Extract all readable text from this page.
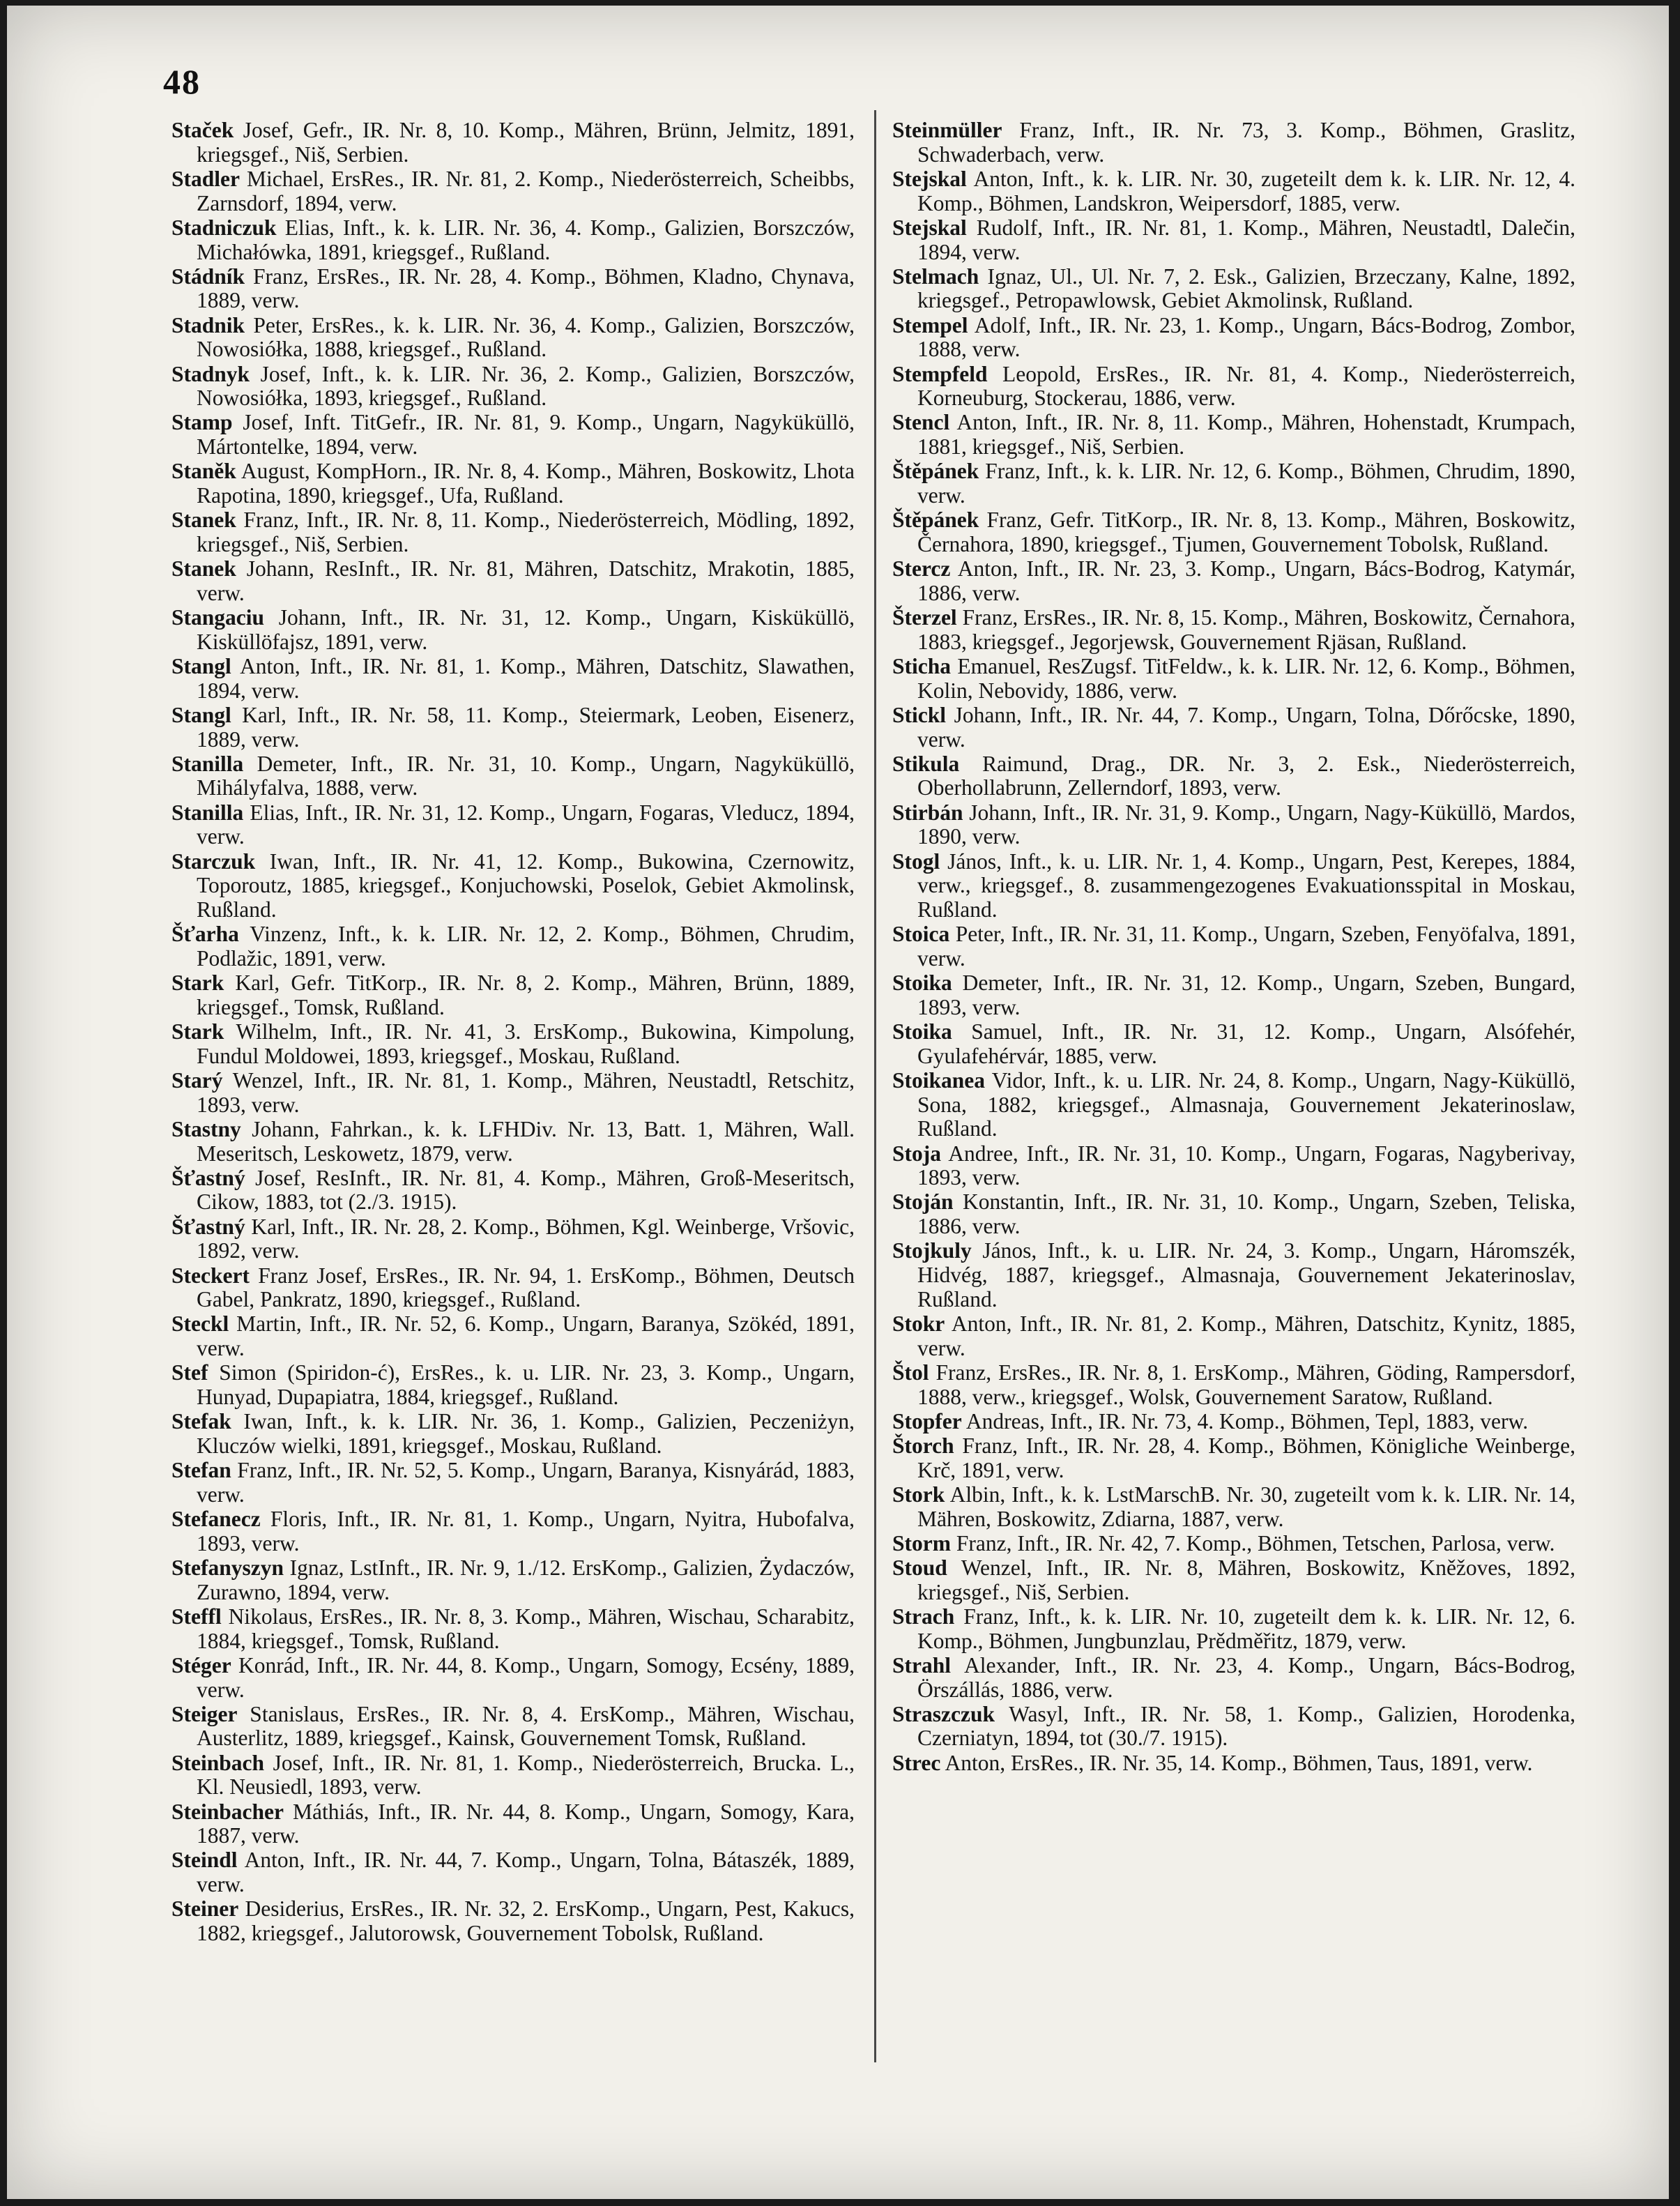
48

Staček Josef, Gefr., IR. Nr. 8, 10. Komp., Mähren, Brünn, Jelmitz, 1891, kriegsgef., Niš, Serbien.

Stadler Michael, ErsRes., IR. Nr. 81, 2. Komp., Niederösterreich, Scheibbs, Zarnsdorf, 1894, verw.

Stadniczuk Elias, Inft., k. k. LIR. Nr. 36, 4. Komp., Galizien, Borszczów, Michałówka, 1891, kriegsgef., Rußland.

Stádník Franz, ErsRes., IR. Nr. 28, 4. Komp., Böhmen, Kladno, Chynava, 1889, verw.

Stadnik Peter, ErsRes., k. k. LIR. Nr. 36, 4. Komp., Galizien, Borszczów, Nowosiółka, 1888, kriegsgef., Rußland.

Stadnyk Josef, Inft., k. k. LIR. Nr. 36, 2. Komp., Galizien, Borszczów, Nowosiółka, 1893, kriegsgef., Rußland.

Stamp Josef, Inft. TitGefr., IR. Nr. 81, 9. Komp., Ungarn, Nagyküküllö, Mártontelke, 1894, verw.

Staněk August, KompHorn., IR. Nr. 8, 4. Komp., Mähren, Boskowitz, Lhota Rapotina, 1890, kriegsgef., Ufa, Rußland.

Stanek Franz, Inft., IR. Nr. 8, 11. Komp., Niederösterreich, Mödling, 1892, kriegsgef., Niš, Serbien.

Stanek Johann, ResInft., IR. Nr. 81, Mähren, Datschitz, Mrakotin, 1885, verw.

Stangaciu Johann, Inft., IR. Nr. 31, 12. Komp., Ungarn, Kisküküllö, Kisküllöfajsz, 1891, verw.

Stangl Anton, Inft., IR. Nr. 81, 1. Komp., Mähren, Datschitz, Slawathen, 1894, verw.

Stangl Karl, Inft., IR. Nr. 58, 11. Komp., Steiermark, Leoben, Eisenerz, 1889, verw.

Stanilla Demeter, Inft., IR. Nr. 31, 10. Komp., Ungarn, Nagyküküllö, Mihályfalva, 1888, verw.

Stanilla Elias, Inft., IR. Nr. 31, 12. Komp., Ungarn, Fogaras, Vleducz, 1894, verw.

Starczuk Iwan, Inft., IR. Nr. 41, 12. Komp., Bukowina, Czernowitz, Toporoutz, 1885, kriegsgef., Konjuchowski, Poselok, Gebiet Akmolinsk, Rußland.

Šťarha Vinzenz, Inft., k. k. LIR. Nr. 12, 2. Komp., Böhmen, Chrudim, Podlažic, 1891, verw.

Stark Karl, Gefr. TitKorp., IR. Nr. 8, 2. Komp., Mähren, Brünn, 1889, kriegsgef., Tomsk, Rußland.

Stark Wilhelm, Inft., IR. Nr. 41, 3. ErsKomp., Bukowina, Kimpolung, Fundul Moldowei, 1893, kriegsgef., Moskau, Rußland.

Starý Wenzel, Inft., IR. Nr. 81, 1. Komp., Mähren, Neustadtl, Retschitz, 1893, verw.

Stastny Johann, Fahrkan., k. k. LFHDiv. Nr. 13, Batt. 1, Mähren, Wall. Meseritsch, Leskowetz, 1879, verw.

Šťastný Josef, ResInft., IR. Nr. 81, 4. Komp., Mähren, Groß-Meseritsch, Cikow, 1883, tot (2./3. 1915).

Šťastný Karl, Inft., IR. Nr. 28, 2. Komp., Böhmen, Kgl. Weinberge, Vršovic, 1892, verw.

Steckert Franz Josef, ErsRes., IR. Nr. 94, 1. ErsKomp., Böhmen, Deutsch Gabel, Pankratz, 1890, kriegsgef., Rußland.

Steckl Martin, Inft., IR. Nr. 52, 6. Komp., Ungarn, Baranya, Szökéd, 1891, verw.

Stef Simon (Spiridon-ć), ErsRes., k. u. LIR. Nr. 23, 3. Komp., Ungarn, Hunyad, Dupapiatra, 1884, kriegsgef., Rußland.

Stefak Iwan, Inft., k. k. LIR. Nr. 36, 1. Komp., Galizien, Peczeniżyn, Kluczów wielki, 1891, kriegsgef., Moskau, Rußland.

Stefan Franz, Inft., IR. Nr. 52, 5. Komp., Ungarn, Baranya, Kisnyárád, 1883, verw.

Stefanecz Floris, Inft., IR. Nr. 81, 1. Komp., Ungarn, Nyitra, Hubofalva, 1893, verw.

Stefanyszyn Ignaz, LstInft., IR. Nr. 9, 1./12. ErsKomp., Galizien, Żydaczów, Zurawno, 1894, verw.

Steffl Nikolaus, ErsRes., IR. Nr. 8, 3. Komp., Mähren, Wischau, Scharabitz, 1884, kriegsgef., Tomsk, Rußland.

Stéger Konrád, Inft., IR. Nr. 44, 8. Komp., Ungarn, Somogy, Ecsény, 1889, verw.

Steiger Stanislaus, ErsRes., IR. Nr. 8, 4. ErsKomp., Mähren, Wischau, Austerlitz, 1889, kriegsgef., Kainsk, Gouvernement Tomsk, Rußland.

Steinbach Josef, Inft., IR. Nr. 81, 1. Komp., Niederösterreich, Brucka. L., Kl. Neusiedl, 1893, verw.

Steinbacher Máthiás, Inft., IR. Nr. 44, 8. Komp., Ungarn, Somogy, Kara, 1887, verw.

Steindl Anton, Inft., IR. Nr. 44, 7. Komp., Ungarn, Tolna, Bátaszék, 1889, verw.

Steiner Desiderius, ErsRes., IR. Nr. 32, 2. ErsKomp., Ungarn, Pest, Kakucs, 1882, kriegsgef., Jalutorowsk, Gouvernement Tobolsk, Rußland.

Steinmüller Franz, Inft., IR. Nr. 73, 3. Komp., Böhmen, Graslitz, Schwaderbach, verw.

Stejskal Anton, Inft., k. k. LIR. Nr. 30, zugeteilt dem k. k. LIR. Nr. 12, 4. Komp., Böhmen, Landskron, Weipersdorf, 1885, verw.

Stejskal Rudolf, Inft., IR. Nr. 81, 1. Komp., Mähren, Neustadtl, Dalečin, 1894, verw.

Stelmach Ignaz, Ul., Ul. Nr. 7, 2. Esk., Galizien, Brzeczany, Kalne, 1892, kriegsgef., Petropawlowsk, Gebiet Akmolinsk, Rußland.

Stempel Adolf, Inft., IR. Nr. 23, 1. Komp., Ungarn, Bács-Bodrog, Zombor, 1888, verw.

Stempfeld Leopold, ErsRes., IR. Nr. 81, 4. Komp., Niederösterreich, Korneuburg, Stockerau, 1886, verw.

Stencl Anton, Inft., IR. Nr. 8, 11. Komp., Mähren, Hohenstadt, Krumpach, 1881, kriegsgef., Niš, Serbien.

Štěpánek Franz, Inft., k. k. LIR. Nr. 12, 6. Komp., Böhmen, Chrudim, 1890, verw.

Štěpánek Franz, Gefr. TitKorp., IR. Nr. 8, 13. Komp., Mähren, Boskowitz, Černahora, 1890, kriegsgef., Tjumen, Gouvernement Tobolsk, Rußland.

Stercz Anton, Inft., IR. Nr. 23, 3. Komp., Ungarn, Bács-Bodrog, Katymár, 1886, verw.

Šterzel Franz, ErsRes., IR. Nr. 8, 15. Komp., Mähren, Boskowitz, Černahora, 1883, kriegsgef., Jegorjewsk, Gouvernement Rjäsan, Rußland.

Sticha Emanuel, ResZugsf. TitFeldw., k. k. LIR. Nr. 12, 6. Komp., Böhmen, Kolin, Nebovidy, 1886, verw.

Stickl Johann, Inft., IR. Nr. 44, 7. Komp., Ungarn, Tolna, Dőrőcske, 1890, verw.

Stikula Raimund, Drag., DR. Nr. 3, 2. Esk., Niederösterreich, Oberhollabrunn, Zellerndorf, 1893, verw.

Stirbán Johann, Inft., IR. Nr. 31, 9. Komp., Ungarn, Nagy-Küküllö, Mardos, 1890, verw.

Stogl János, Inft., k. u. LIR. Nr. 1, 4. Komp., Ungarn, Pest, Kerepes, 1884, verw., kriegsgef., 8. zusammengezogenes Evakuationsspital in Moskau, Rußland.

Stoica Peter, Inft., IR. Nr. 31, 11. Komp., Ungarn, Szeben, Fenyöfalva, 1891, verw.

Stoika Demeter, Inft., IR. Nr. 31, 12. Komp., Ungarn, Szeben, Bungard, 1893, verw.

Stoika Samuel, Inft., IR. Nr. 31, 12. Komp., Ungarn, Alsófehér, Gyulafehérvár, 1885, verw.

Stoikanea Vidor, Inft., k. u. LIR. Nr. 24, 8. Komp., Ungarn, Nagy-Küküllö, Sona, 1882, kriegsgef., Almasnaja, Gouvernement Jekaterinoslaw, Rußland.

Stoja Andree, Inft., IR. Nr. 31, 10. Komp., Ungarn, Fogaras, Nagyberivay, 1893, verw.

Stoján Konstantin, Inft., IR. Nr. 31, 10. Komp., Ungarn, Szeben, Teliska, 1886, verw.

Stojkuly János, Inft., k. u. LIR. Nr. 24, 3. Komp., Ungarn, Háromszék, Hidvég, 1887, kriegsgef., Almasnaja, Gouvernement Jekaterinoslav, Rußland.

Stokr Anton, Inft., IR. Nr. 81, 2. Komp., Mähren, Datschitz, Kynitz, 1885, verw.

Štol Franz, ErsRes., IR. Nr. 8, 1. ErsKomp., Mähren, Göding, Rampersdorf, 1888, verw., kriegsgef., Wolsk, Gouvernement Saratow, Rußland.

Stopfer Andreas, Inft., IR. Nr. 73, 4. Komp., Böhmen, Tepl, 1883, verw.

Štorch Franz, Inft., IR. Nr. 28, 4. Komp., Böhmen, Königliche Weinberge, Krč, 1891, verw.

Stork Albin, Inft., k. k. LstMarschB. Nr. 30, zugeteilt vom k. k. LIR. Nr. 14, Mähren, Boskowitz, Zdiarna, 1887, verw.

Storm Franz, Inft., IR. Nr. 42, 7. Komp., Böhmen, Tetschen, Parlosa, verw.

Stoud Wenzel, Inft., IR. Nr. 8, Mähren, Boskowitz, Kněžoves, 1892, kriegsgef., Niš, Serbien.

Strach Franz, Inft., k. k. LIR. Nr. 10, zugeteilt dem k. k. LIR. Nr. 12, 6. Komp., Böhmen, Jungbunzlau, Prědměřitz, 1879, verw.

Strahl Alexander, Inft., IR. Nr. 23, 4. Komp., Ungarn, Bács-Bodrog, Örszállás, 1886, verw.

Straszczuk Wasyl, Inft., IR. Nr. 58, 1. Komp., Galizien, Horodenka, Czerniatyn, 1894, tot (30./7. 1915).

Strec Anton, ErsRes., IR. Nr. 35, 14. Komp., Böhmen, Taus, 1891, verw.
